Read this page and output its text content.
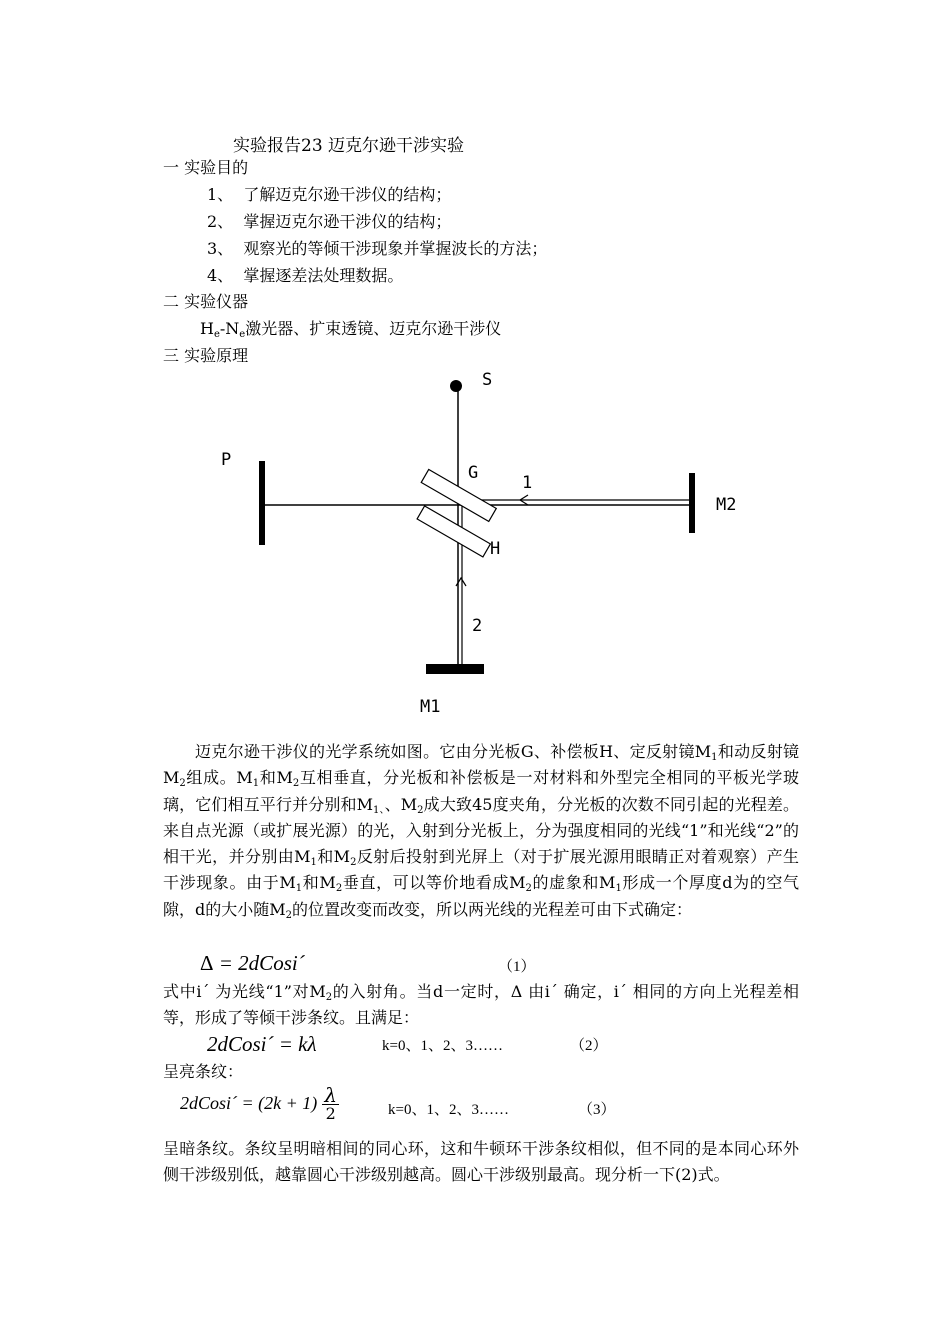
实验报告23 迈克尔逊干涉实验
一 实验目的
1、 了解迈克尔逊干涉仪的结构；
2、 掌握迈克尔逊干涉仪的结构；
3、 观察光的等倾干涉现象并掌握波长的方法；
4、 掌握逐差法处理数据。
二 实验仪器
$H_e-N_e$激光器、扩束透镜、迈克尔逊干涉仪
三 实验原理
S
P
G	1
M2
H
2
M1
迈克尔逊干涉仪的光学系统如图。它由分光板G、补偿板H、定反射镜$M_1$和动反射镜$M_2$组成。$M_1$和$M_2$互相垂直，分光板和补偿板是一对材料和外型完全相同的平板光学玻璃，它们相互平行并分别和$M_{1、}$、$M_2$成大致45度夹角，分光板的次数不同引起的光程差。来自点光源（或扩展光源）的光，入射到分光板上，分为强度相同的光线“1”和光线“2”的相干光，并分别由$M_1$和$M_2$反射后投射到光屏上（对于扩展光源用眼睛正对着观察）产生干涉现象。由于$M_1$和$M_2$垂直，可以等价地看成$M_2$的虚象和$M_1$形成一个厚度d为的空气隙，d的大小随$M_2$的位置改变而改变，所以两光线的光程差可由下式确定：
Δ = 2dCosi´	（1）
式中i´ 为光线“1”对$M_2$的入射角。当d一定时，Δ 由i´ 确定，i´ 相同的方向上光程差相等，形成了等倾干涉条纹。且满足：
2dCosi´ = kλ	k=0、1、2、3……	（2）
呈亮条纹：
2dCosi´ = $(2k + 1) \frac{\lambda}{2}$	k=0、1、2、3……	（3）
呈暗条纹。条纹呈明暗相间的同心环，这和牛顿环干涉条纹相似，但不同的是本同心环外侧干涉级别低，越靠圆心干涉级别越高。圆心干涉级别最高。现分析一下(2)式。
